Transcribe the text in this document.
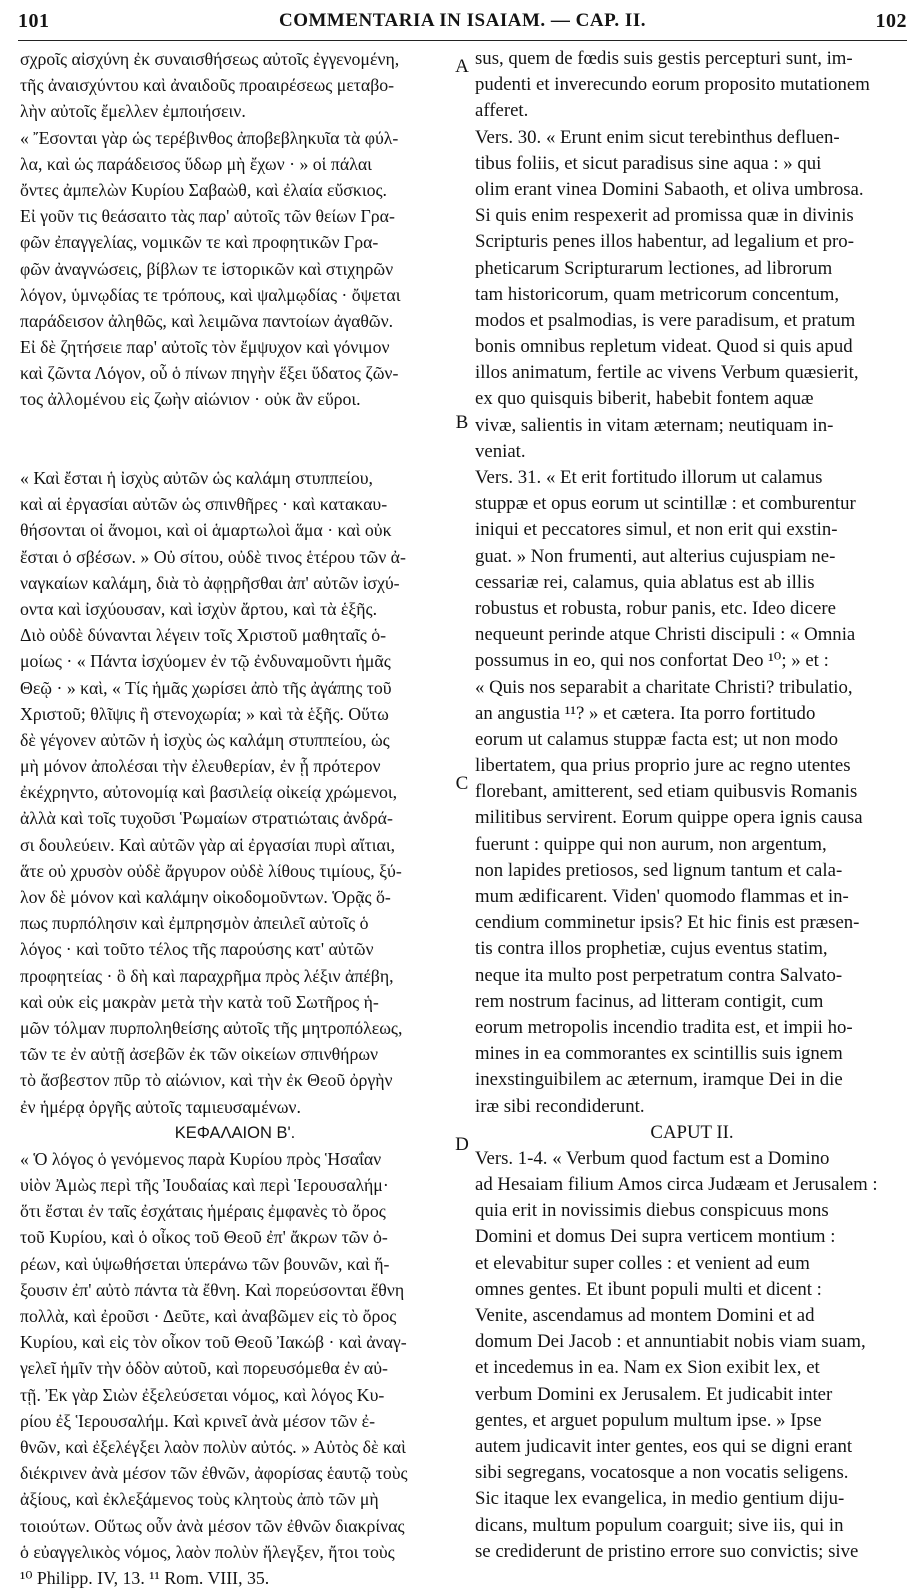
101	COMMENTARIA IN ISAIAM. — CAP. II.	102
σχροῖς αἰσχύνη ἐκ συναισθήσεως αὐτοῖς ἐγγενομένη,
τῆς ἀναισχύντου καὶ ἀναιδοῦς προαιρέσεως μεταβο-
λὴν αὐτοῖς ἔμελλεν ἐμποιήσειν.
« Ἔσονται γὰρ ὡς τερέβινθος ἀποβεβληκυῖα τὰ φύλ-
λα, καὶ ὡς παράδεισος ὕδωρ μὴ ἔχων · » οἱ πάλαι
ὄντες ἀμπελὼν Κυρίου Σαβαὼθ, καὶ ἐλαία εὔσκιος.
Εἰ γοῦν τις θεάσαιτο τὰς παρ' αὐτοῖς τῶν θείων Γρα-
φῶν ἐπαγγελίας, νομικῶν τε καὶ προφητικῶν Γρα-
φῶν ἀναγνώσεις, βίβλων τε ἱστορικῶν καὶ στιχηρῶν
λόγον, ὑμνῳδίας τε τρόπους, καὶ ψαλμῳδίας · ὄψεται
παράδεισον ἀληθῶς, καὶ λειμῶνα παντοίων ἀγαθῶν.
Εἰ δὲ ζητήσειε παρ' αὐτοῖς τὸν ἔμψυχον καὶ γόνιμον
καὶ ζῶντα Λόγον, οὗ ὁ πίνων πηγὴν ἕξει ὕδατος ζῶν-
τος ἀλλομένου εἰς ζωὴν αἰώνιον · οὐκ ἂν εὕροι.
« Καὶ ἔσται ἡ ἰσχὺς αὐτῶν ὡς καλάμη στυππείου,
καὶ αἱ ἐργασίαι αὐτῶν ὡς σπινθῆρες · καὶ κατακαυ-
θήσονται οἱ ἄνομοι, καὶ οἱ ἁμαρτωλοὶ ἅμα · καὶ οὐκ
ἔσται ὁ σβέσων. » Οὐ σίτου, οὐδὲ τινος ἑτέρου τῶν ἀ-
ναγκαίων καλάμη, διὰ τὸ ἀφῃρῆσθαι ἀπ' αὐτῶν ἰσχύ-
οντα καὶ ἰσχύουσαν, καὶ ἰσχὺν ἄρτου, καὶ τὰ ἑξῆς.
Διὸ οὐδὲ δύνανται λέγειν τοῖς Χριστοῦ μαθηταῖς ὁ-
μοίως · « Πάντα ἰσχύομεν ἐν τῷ ἐνδυναμοῦντι ἡμᾶς
Θεῷ · » καὶ, « Τίς ἡμᾶς χωρίσει ἀπὸ τῆς ἀγάπης τοῦ
Χριστοῦ; θλῖψις ἢ στενοχωρία; » καὶ τὰ ἑξῆς. Οὕτω
δὲ γέγονεν αὐτῶν ἡ ἰσχὺς ὡς καλάμη στυππείου, ὡς
μὴ μόνον ἀπολέσαι τὴν ἐλευθερίαν, ἐν ᾗ πρότερον
ἐκέχρηντο, αὐτονομίᾳ καὶ βασιλείᾳ οἰκείᾳ χρώμενοι,
ἀλλὰ καὶ τοῖς τυχοῦσι Ῥωμαίων στρατιώταις ἀνδρά-
σι δουλεύειν. Καὶ αὐτῶν γὰρ αἱ ἐργασίαι πυρὶ αἴτιαι,
ἅτε οὐ χρυσὸν οὐδὲ ἄργυρον οὐδὲ λίθους τιμίους, ξύ-
λον δὲ μόνον καὶ καλάμην οἰκοδομοῦντων. Ὁρᾷς ὅ-
πως πυρπόλησιν καὶ ἐμπρησμὸν ἀπειλεῖ αὐτοῖς ὁ
λόγος · καὶ τοῦτο τέλος τῆς παρούσης κατ' αὐτῶν
προφητείας · ὃ δὴ καὶ παραχρῆμα πρὸς λέξιν ἀπέβη,
καὶ οὐκ εἰς μακρὰν μετὰ τὴν κατὰ τοῦ Σωτῆρος ἡ-
μῶν τόλμαν πυρποληθείσης αὐτοῖς τῆς μητροπόλεως,
τῶν τε ἐν αὐτῇ ἀσεβῶν ἐκ τῶν οἰκείων σπινθήρων
τὸ ἄσβεστον πῦρ τὸ αἰώνιον, καὶ τὴν ἐκ Θεοῦ ὀργὴν
ἐν ἡμέρᾳ ὀργῆς αὐτοῖς ταμιευσαμένων.
ΚΕΦΑΛΑΙΟΝ Β'.
« Ὁ λόγος ὁ γενόμενος παρὰ Κυρίου πρὸς Ἡσαΐαν
υἱὸν Ἀμὼς περὶ τῆς Ἰουδαίας καὶ περὶ Ἱερουσαλήμ·
ὅτι ἔσται ἐν ταῖς ἐσχάταις ἡμέραις ἐμφανὲς τὸ ὄρος
τοῦ Κυρίου, καὶ ὁ οἶκος τοῦ Θεοῦ ἐπ' ἄκρων τῶν ὀ-
ρέων, καὶ ὑψωθήσεται ὑπεράνω τῶν βουνῶν, καὶ ἥ-
ξουσιν ἐπ' αὐτὸ πάντα τὰ ἔθνη. Καὶ πορεύσονται ἔθνη
πολλὰ, καὶ ἐροῦσι · Δεῦτε, καὶ ἀναβῶμεν εἰς τὸ ὄρος
Κυρίου, καὶ εἰς τὸν οἶκον τοῦ Θεοῦ Ἰακώβ · καὶ ἀναγ-
γελεῖ ἡμῖν τὴν ὁδὸν αὐτοῦ, καὶ πορευσόμεθα ἐν αὐ-
τῇ. Ἐκ γὰρ Σιὼν ἐξελεύσεται νόμος, καὶ λόγος Κυ-
ρίου ἐξ Ἱερουσαλήμ. Καὶ κρινεῖ ἀνὰ μέσον τῶν ἐ-
θνῶν, καὶ ἐξελέγξει λαὸν πολὺν αὐτός. » Αὐτὸς δὲ καὶ
διέκρινεν ἀνὰ μέσον τῶν ἐθνῶν, ἀφορίσας ἑαυτῷ τοὺς
ἀξίους, καὶ ἐκλεξάμενος τοὺς κλητοὺς ἀπὸ τῶν μὴ
τοιούτων. Οὕτως οὖν ἀνὰ μέσον τῶν ἐθνῶν διακρίνας
ὁ εὐαγγελικὸς νόμος, λαὸν πολὺν ἤλεγξεν, ἤτοι τοὺς
¹⁰ Philipp. IV, 13. ¹¹ Rom. VIII, 35.
sus, quem de fœdis suis gestis percepturi sunt, im-
pudenti et inverecundo eorum proposito mutationem
afferet.
Vers. 30. « Erunt enim sicut terebinthus defluen-
tibus foliis, et sicut paradisus sine aqua : » qui
olim erant vinea Domini Sabaoth, et oliva umbrosa.
Si quis enim respexerit ad promissa quæ in divinis
Scripturis penes illos habentur, ad legalium et pro-
pheticarum Scripturarum lectiones, ad librorum
tam historicorum, quam metricorum concentum,
modos et psalmodias, is vere paradisum, et pratum
bonis omnibus repletum videat. Quod si quis apud
illos animatum, fertile ac vivens Verbum quæsierit,
ex quo quisquis biberit, habebit fontem aquæ
vivæ, salientis in vitam æternam; neutiquam in-
veniat.
Vers. 31. « Et erit fortitudo illorum ut calamus
stuppæ et opus eorum ut scintillæ : et comburentur
iniqui et peccatores simul, et non erit qui exstin-
guat. » Non frumenti, aut alterius cujuspiam ne-
cessariæ rei, calamus, quia ablatus est ab illis
robustus et robusta, robur panis, etc. Ideo dicere
nequeunt perinde atque Christi discipuli : « Omnia
possumus in eo, qui nos confortat Deo ¹⁰; » et :
« Quis nos separabit a charitate Christi? tribulatio,
an angustia ¹¹? » et cætera. Ita porro fortitudo
eorum ut calamus stuppæ facta est; ut non modo
libertatem, qua prius proprio jure ac regno utentes
florebant, amitterent, sed etiam quibusvis Romanis
militibus servirent. Eorum quippe opera ignis causa
fuerunt : quippe qui non aurum, non argentum,
non lapides pretiosos, sed lignum tantum et cala-
mum ædificarent. Viden' quomodo flammas et in-
cendium comminetur ipsis? Et hic finis est præsen-
tis contra illos prophetiæ, cujus eventus statim,
neque ita multo post perpetratum contra Salvato-
rem nostrum facinus, ad litteram contigit, cum
eorum metropolis incendio tradita est, et impii ho-
mines in ea commorantes ex scintillis suis ignem
inexstinguibilem ac æternum, iramque Dei in die
iræ sibi recondiderunt.
CAPUT II.
Vers. 1-4. « Verbum quod factum est a Domino
ad Hesaiam filium Amos circa Judæam et Jerusalem :
quia erit in novissimis diebus conspicuus mons
Domini et domus Dei supra verticem montium :
et elevabitur super colles : et venient ad eum
omnes gentes. Et ibunt populi multi et dicent :
Venite, ascendamus ad montem Domini et ad
domum Dei Jacob : et annuntiabit nobis viam suam,
et incedemus in ea. Nam ex Sion exibit lex, et
verbum Domini ex Jerusalem. Et judicabit inter
gentes, et arguet populum multum ipse. » Ipse
autem judicavit inter gentes, eos qui se digni erant
sibi segregans, vocatosque a non vocatis seligens.
Sic itaque lex evangelica, in medio gentium diju-
dicans, multum populum coarguit; sive iis, qui in
se crediderunt de pristino errore suo convictis; sive
A
B
C
D
